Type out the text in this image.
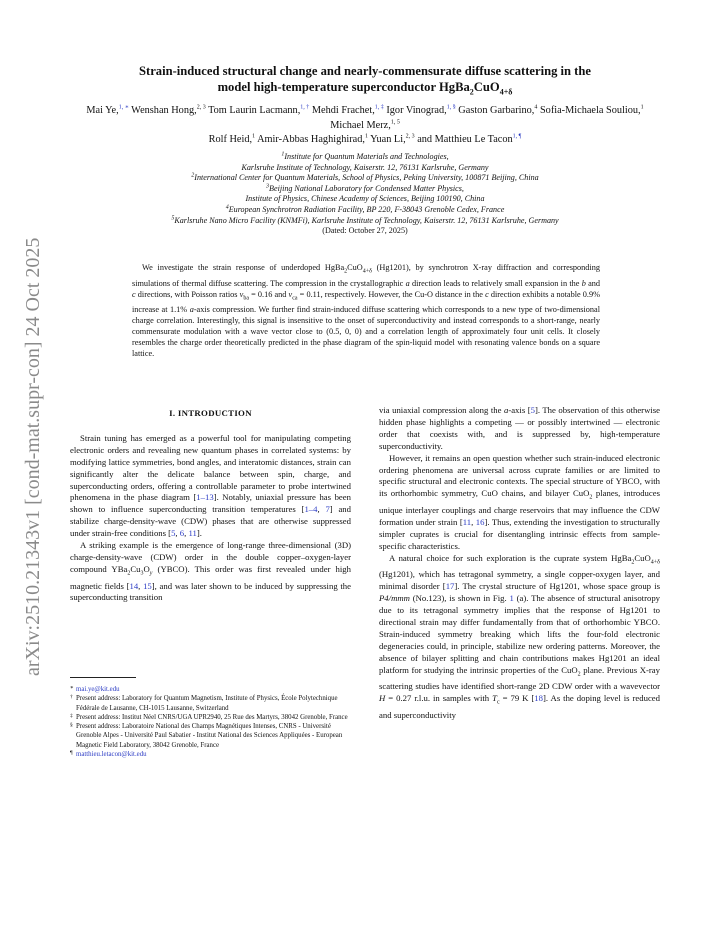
arXiv:2510.21343v1 [cond-mat.supr-con] 24 Oct 2025
Strain-induced structural change and nearly-commensurate diffuse scattering in the
model high-temperature superconductor HgBa$_2$CuO$_{4+\delta}$
Mai Ye,$^{1, ∗}$ Wenshan Hong,$^{2, 3}$ Tom Laurin Lacmann,$^{1, \dagger}$ Mehdi Frachet,$^{1, \ddagger}$ Igor Vinograd,$^{1, \S}$ Gaston Garbarino,$^4$ Sofia-Michaela Souliou,$^1$ Michael Merz,$^{1, 5}$
Rolf Heid,$^1$ Amir-Abbas Haghighirad,$^1$ Yuan Li,$^{2, 3}$ and Matthieu Le Tacon$^{1, \P}$
$^1$Institute for Quantum Materials and Technologies,
Karlsruhe Institute of Technology, Kaiserstr. 12, 76131 Karlsruhe, Germany
$^2$International Center for Quantum Materials, School of Physics, Peking University, 100871 Beijing, China
$^3$Beijing National Laboratory for Condensed Matter Physics,
Institute of Physics, Chinese Academy of Sciences, Beijing 100190, China
$^4$European Synchrotron Radiation Facility, BP 220, F-38043 Grenoble Cedex, France
$^5$Karlsruhe Nano Micro Facility (KNMFi), Karlsruhe Institute of Technology, Kaiserstr. 12, 76131 Karlsruhe, Germany
(Dated: October 27, 2025)
We investigate the strain response of underdoped HgBa$_2$CuO$_{4+\delta}$ (Hg1201), by synchrotron X-ray diffraction and corresponding simulations of thermal diffuse scattering. The compression in the crystallographic a direction leads to relatively small expansion in the b and c directions, with Poisson ratios $\nu_{ba} = 0.16$ and $\nu_{ca} = 0.11$, respectively. However, the Cu-O distance in the c direction exhibits a notable 0.9% increase at 1.1% a-axis compression. We further find strain-induced diffuse scattering which corresponds to a new type of two-dimensional charge correlation. Interestingly, this signal is insensitive to the onset of superconductivity and instead corresponds to a short-range, nearly commensurate modulation with a wave vector close to (0.5, 0, 0) and a correlation length of approximately four unit cells. It closely resembles the charge order theoretically predicted in the phase diagram of the spin-liquid model with resonating valence bonds on a square lattice.
I. INTRODUCTION

Strain tuning has emerged as a powerful tool for manipulating competing electronic orders and revealing new quantum phases in correlated systems: by modifying lattice symmetries, bond angles, and interatomic distances, strain can significantly alter the delicate balance between spin, charge, and superconducting orders, offering a controllable parameter to probe intertwined phenomena in the phase diagram [1–13]. Notably, uniaxial pressure has been shown to influence superconducting transition temperatures [1–4, 7] and stabilize charge-density-wave (CDW) phases that are otherwise suppressed under strain-free conditions [5, 6, 11].

A striking example is the emergence of long-range three-dimensional (3D) charge-density-wave (CDW) order in the double copper–oxygen-layer compound $YBa_2Cu_3O_y$ (YBCO). This order was first revealed under high magnetic fields [14, 15], and was later shown to be induced by suppressing the superconducting transition

∗ mai.ye@kit.edu

† Present address: Laboratory for Quantum Magnetism, Institute of Physics, École Polytechnique Fédérale de Lausanne, CH-1015 Lausanne, Switzerland

‡ Present address: Institut Néel CNRS/UGA UPR2940, 25 Rue des Martyrs, 38042 Grenoble, France

§ Present address: Laboratoire National des Champs Magnétiques Intenses, CNRS - Université Grenoble Alpes - Université Paul Sabatier - Institut National des Sciences Appliquées - European Magnetic Field Laboratory, 38042 Grenoble, France

¶ matthieu.letacon@kit.edu

via uniaxial compression along the a-axis [5]. The observation of this otherwise hidden phase highlights a competing — or possibly intertwined — electronic order that coexists with, and is suppressed by, high-temperature superconductivity.

However, it remains an open question whether such strain-induced electronic ordering phenomena are universal across cuprate families or are limited to specific structural and electronic contexts. The special structure of YBCO, with its orthorhombic symmetry, CuO chains, and bilayer CuO$_2$ planes, introduces unique interlayer couplings and charge reservoirs that may influence the CDW formation under strain [11, 16]. Thus, extending the investigation to structurally simpler cuprates is crucial for disentangling intrinsic effects from sample-specific characteristics.

A natural choice for such exploration is the cuprate system HgBa$_2$CuO$_{4+\delta}$ (Hg1201), which has tetragonal symmetry, a single copper-oxygen layer, and minimal disorder [17]. The crystal structure of Hg1201, whose space group is P4/mmm (No.123), is shown in Fig. 1 (a). The absence of structural anisotropy due to its tetragonal symmetry implies that the response of Hg1201 to directional strain may differ fundamentally from that of orthorhombic YBCO. Strain-induced symmetry breaking which lifts the four-fold electronic degeneracies could, in principle, stabilize new ordering patterns. Moreover, the absence of bilayer splitting and chain contributions makes Hg1201 an ideal platform for studying the intrinsic properties of the CuO$_2$ plane. Previous X-ray scattering studies have identified short-range 2D CDW order with a wavevector H = 0.27 r.l.u. in samples with $T_c = 79$ K [18]. As the doping level is reduced and superconductivity
